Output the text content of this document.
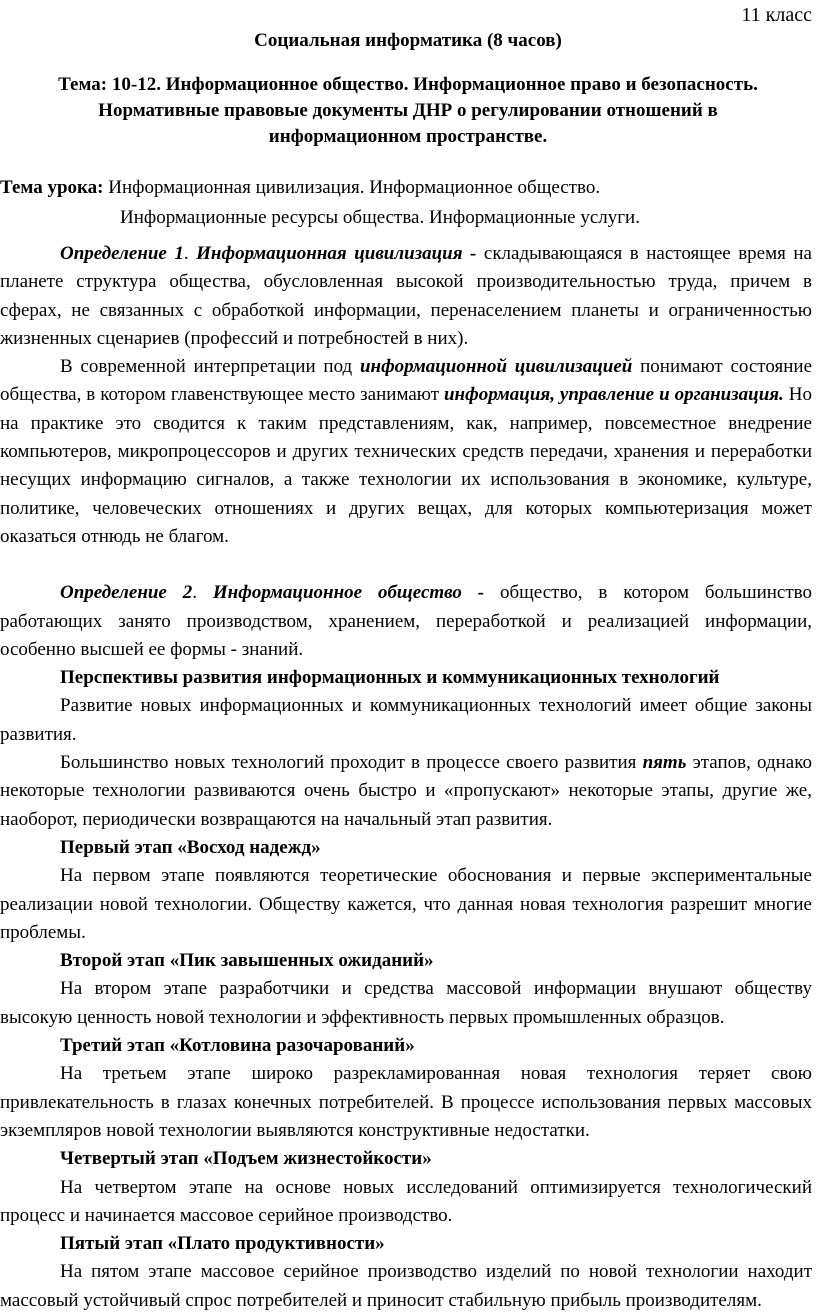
11 класс
Социальная информатика (8 часов)
Тема: 10-12. Информационное общество. Информационное право и безопасность.
Нормативные правовые документы ДНР о регулировании отношений в
информационном пространстве.
Тема урока: Информационная цивилизация. Информационное общество.
Информационные ресурсы общества. Информационные услуги.

Определение 1. Информационная цивилизация - складывающаяся в настоящее время на планете структура общества, обусловленная высокой производительностью труда, причем в сферах, не связанных с обработкой информации, перенаселением планеты и ограниченностью жизненных сценариев (профессий и потребностей в них).

В современной интерпретации под информационной цивилизацией понимают состояние общества, в котором главенствующее место занимают информация, управление и организация. Но на практике это сводится к таким представлениям, как, например, повсеместное внедрение компьютеров, микропроцессоров и других технических средств передачи, хранения и переработки несущих информацию сигналов, а также технологии их использования в экономике, культуре, политике, человеческих отношениях и других вещах, для которых компьютеризация может оказаться отнюдь не благом.

Определение 2. Информационное общество - общество, в котором большинство работающих занято производством, хранением, переработкой и реализацией информации, особенно высшей ее формы - знаний.

Перспективы развития информационных и коммуникационных технологий

Развитие новых информационных и коммуникационных технологий имеет общие законы развития.

Большинство новых технологий проходит в процессе своего развития пять этапов, однако некоторые технологии развиваются очень быстро и «пропускают» некоторые этапы, другие же, наоборот, периодически возвращаются на начальный этап развития.

Первый этап «Восход надежд»

На первом этапе появляются теоретические обоснования и первые экспериментальные реализации новой технологии. Обществу кажется, что данная новая технология разрешит многие проблемы.

Второй этап «Пик завышенных ожиданий»

На втором этапе разработчики и средства массовой информации внушают обществу высокую ценность новой технологии и эффективность первых промышленных образцов.

Третий этап «Котловина разочарований»

На третьем этапе широко разрекламированная новая технология теряет свою привлекательность в глазах конечных потребителей. В процессе использования первых массовых экземпляров новой технологии выявляются конструктивные недостатки.

Четвертый этап «Подъем жизнестойкости»

На четвертом этапе на основе новых исследований оптимизируется технологический процесс и начинается массовое серийное производство.

Пятый этап «Плато продуктивности»

На пятом этапе массовое серийное производство изделий по новой технологии находит массовый устойчивый спрос потребителей и приносит стабильную прибыль производителям.
